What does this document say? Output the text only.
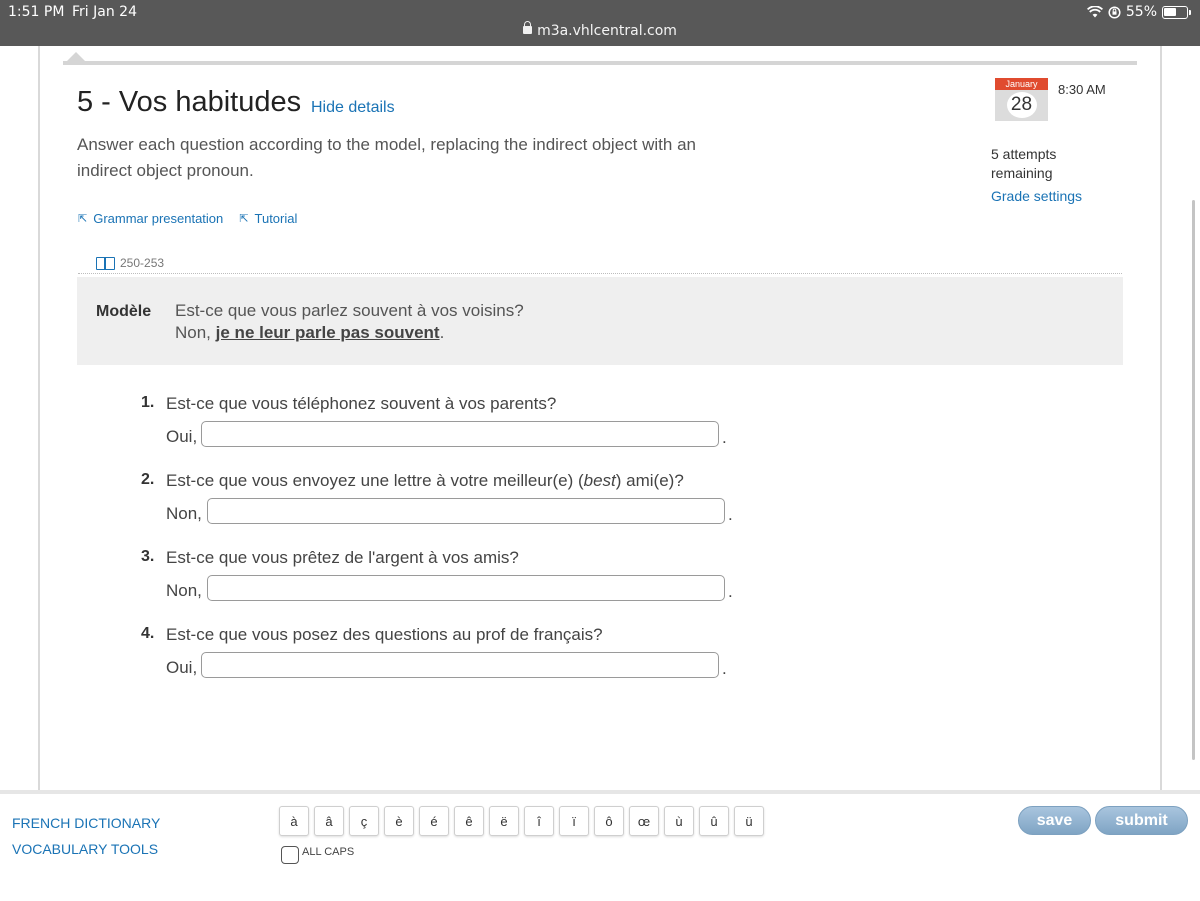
1:51 PM Fri Jan 24	55%
m3a.vhlcentral.com
5 - Vos habitudes Hide details
Answer each question according to the model, replacing the indirect object with an indirect object pronoun.
⇱ Grammar presentation ⇱ Tutorial
250-253
Modèle Est-ce que vous parlez souvent à vos voisins?
Non, je ne leur parle pas souvent.
1. Est-ce que vous téléphonez souvent à vos parents?
Oui,	.
2. Est-ce que vous envoyez une lettre à votre meilleur(e) (best) ami(e)?
Non,	.
3. Est-ce que vous prêtez de l'argent à vos amis?
Non,	.
4. Est-ce que vous posez des questions au prof de français?
Oui,	.
January
28
8:30 AM
5 attempts remaining
Grade settings
FRENCH DICTIONARY
VOCABULARY TOOLS
à	â	ç	è	é	ê	ë	î	ï	ô	œ	ù	û	ü
ALL CAPS
save	submit
